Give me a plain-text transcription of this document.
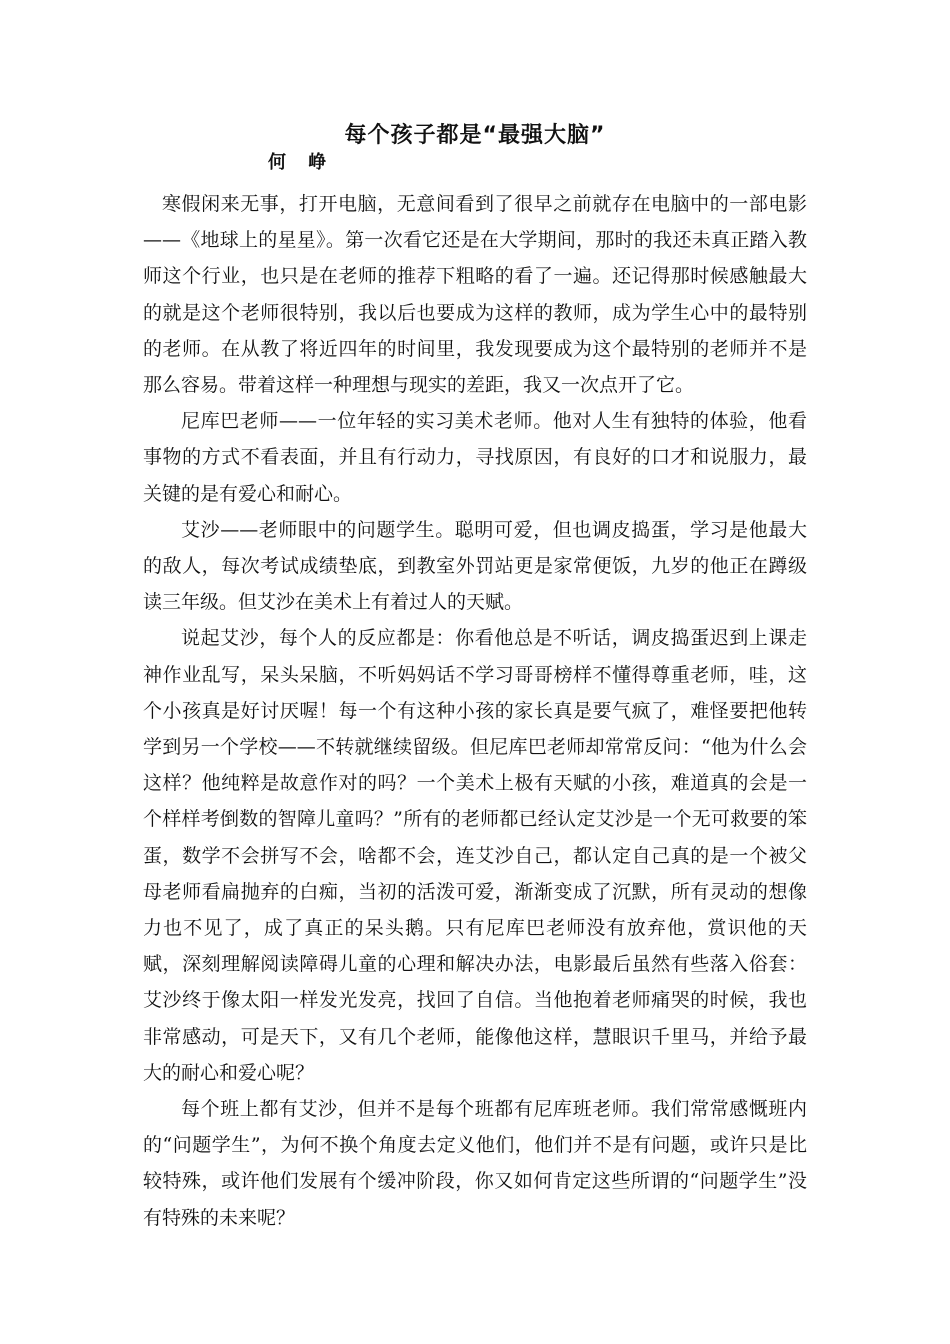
每个孩子都是“最强大脑”
何 峥

寒假闲来无事，打开电脑，无意间看到了很早之前就存在电脑中的一部电影——《地球上的星星》。第一次看它还是在大学期间，那时的我还未真正踏入教师这个行业，也只是在老师的推荐下粗略的看了一遍。还记得那时候感触最大的就是这个老师很特别，我以后也要成为这样的教师，成为学生心中的最特别的老师。在从教了将近四年的时间里，我发现要成为这个最特别的老师并不是那么容易。带着这样一种理想与现实的差距，我又一次点开了它。

尼库巴老师——一位年轻的实习美术老师。他对人生有独特的体验，他看事物的方式不看表面，并且有行动力，寻找原因，有良好的口才和说服力，最关键的是有爱心和耐心。

艾沙——老师眼中的问题学生。聪明可爱，但也调皮捣蛋，学习是他最大的敌人，每次考试成绩垫底，到教室外罚站更是家常便饭，九岁的他正在蹲级读三年级。但艾沙在美术上有着过人的天赋。

说起艾沙，每个人的反应都是：你看他总是不听话，调皮捣蛋迟到上课走神作业乱写，呆头呆脑，不听妈妈话不学习哥哥榜样不懂得尊重老师，哇，这个小孩真是好讨厌喔！每一个有这种小孩的家长真是要气疯了，难怪要把他转学到另一个学校——不转就继续留级。但尼库巴老师却常常反问：“他为什么会这样？他纯粹是故意作对的吗？一个美术上极有天赋的小孩，难道真的会是一个样样考倒数的智障儿童吗？”所有的老师都已经认定艾沙是一个无可救要的笨蛋，数学不会拼写不会，啥都不会，连艾沙自己，都认定自己真的是一个被父母老师看扁抛弃的白痴，当初的活泼可爱，渐渐变成了沉默，所有灵动的想像力也不见了，成了真正的呆头鹅。只有尼库巴老师没有放弃他，赏识他的天赋，深刻理解阅读障碍儿童的心理和解决办法，电影最后虽然有些落入俗套：艾沙终于像太阳一样发光发亮，找回了自信。当他抱着老师痛哭的时候，我也非常感动，可是天下，又有几个老师，能像他这样，慧眼识千里马，并给予最大的耐心和爱心呢？

每个班上都有艾沙，但并不是每个班都有尼库班老师。我们常常感慨班内的“问题学生”，为何不换个角度去定义他们，他们并不是有问题，或许只是比较特殊，或许他们发展有个缓冲阶段，你又如何肯定这些所谓的“问题学生”没有特殊的未来呢？
